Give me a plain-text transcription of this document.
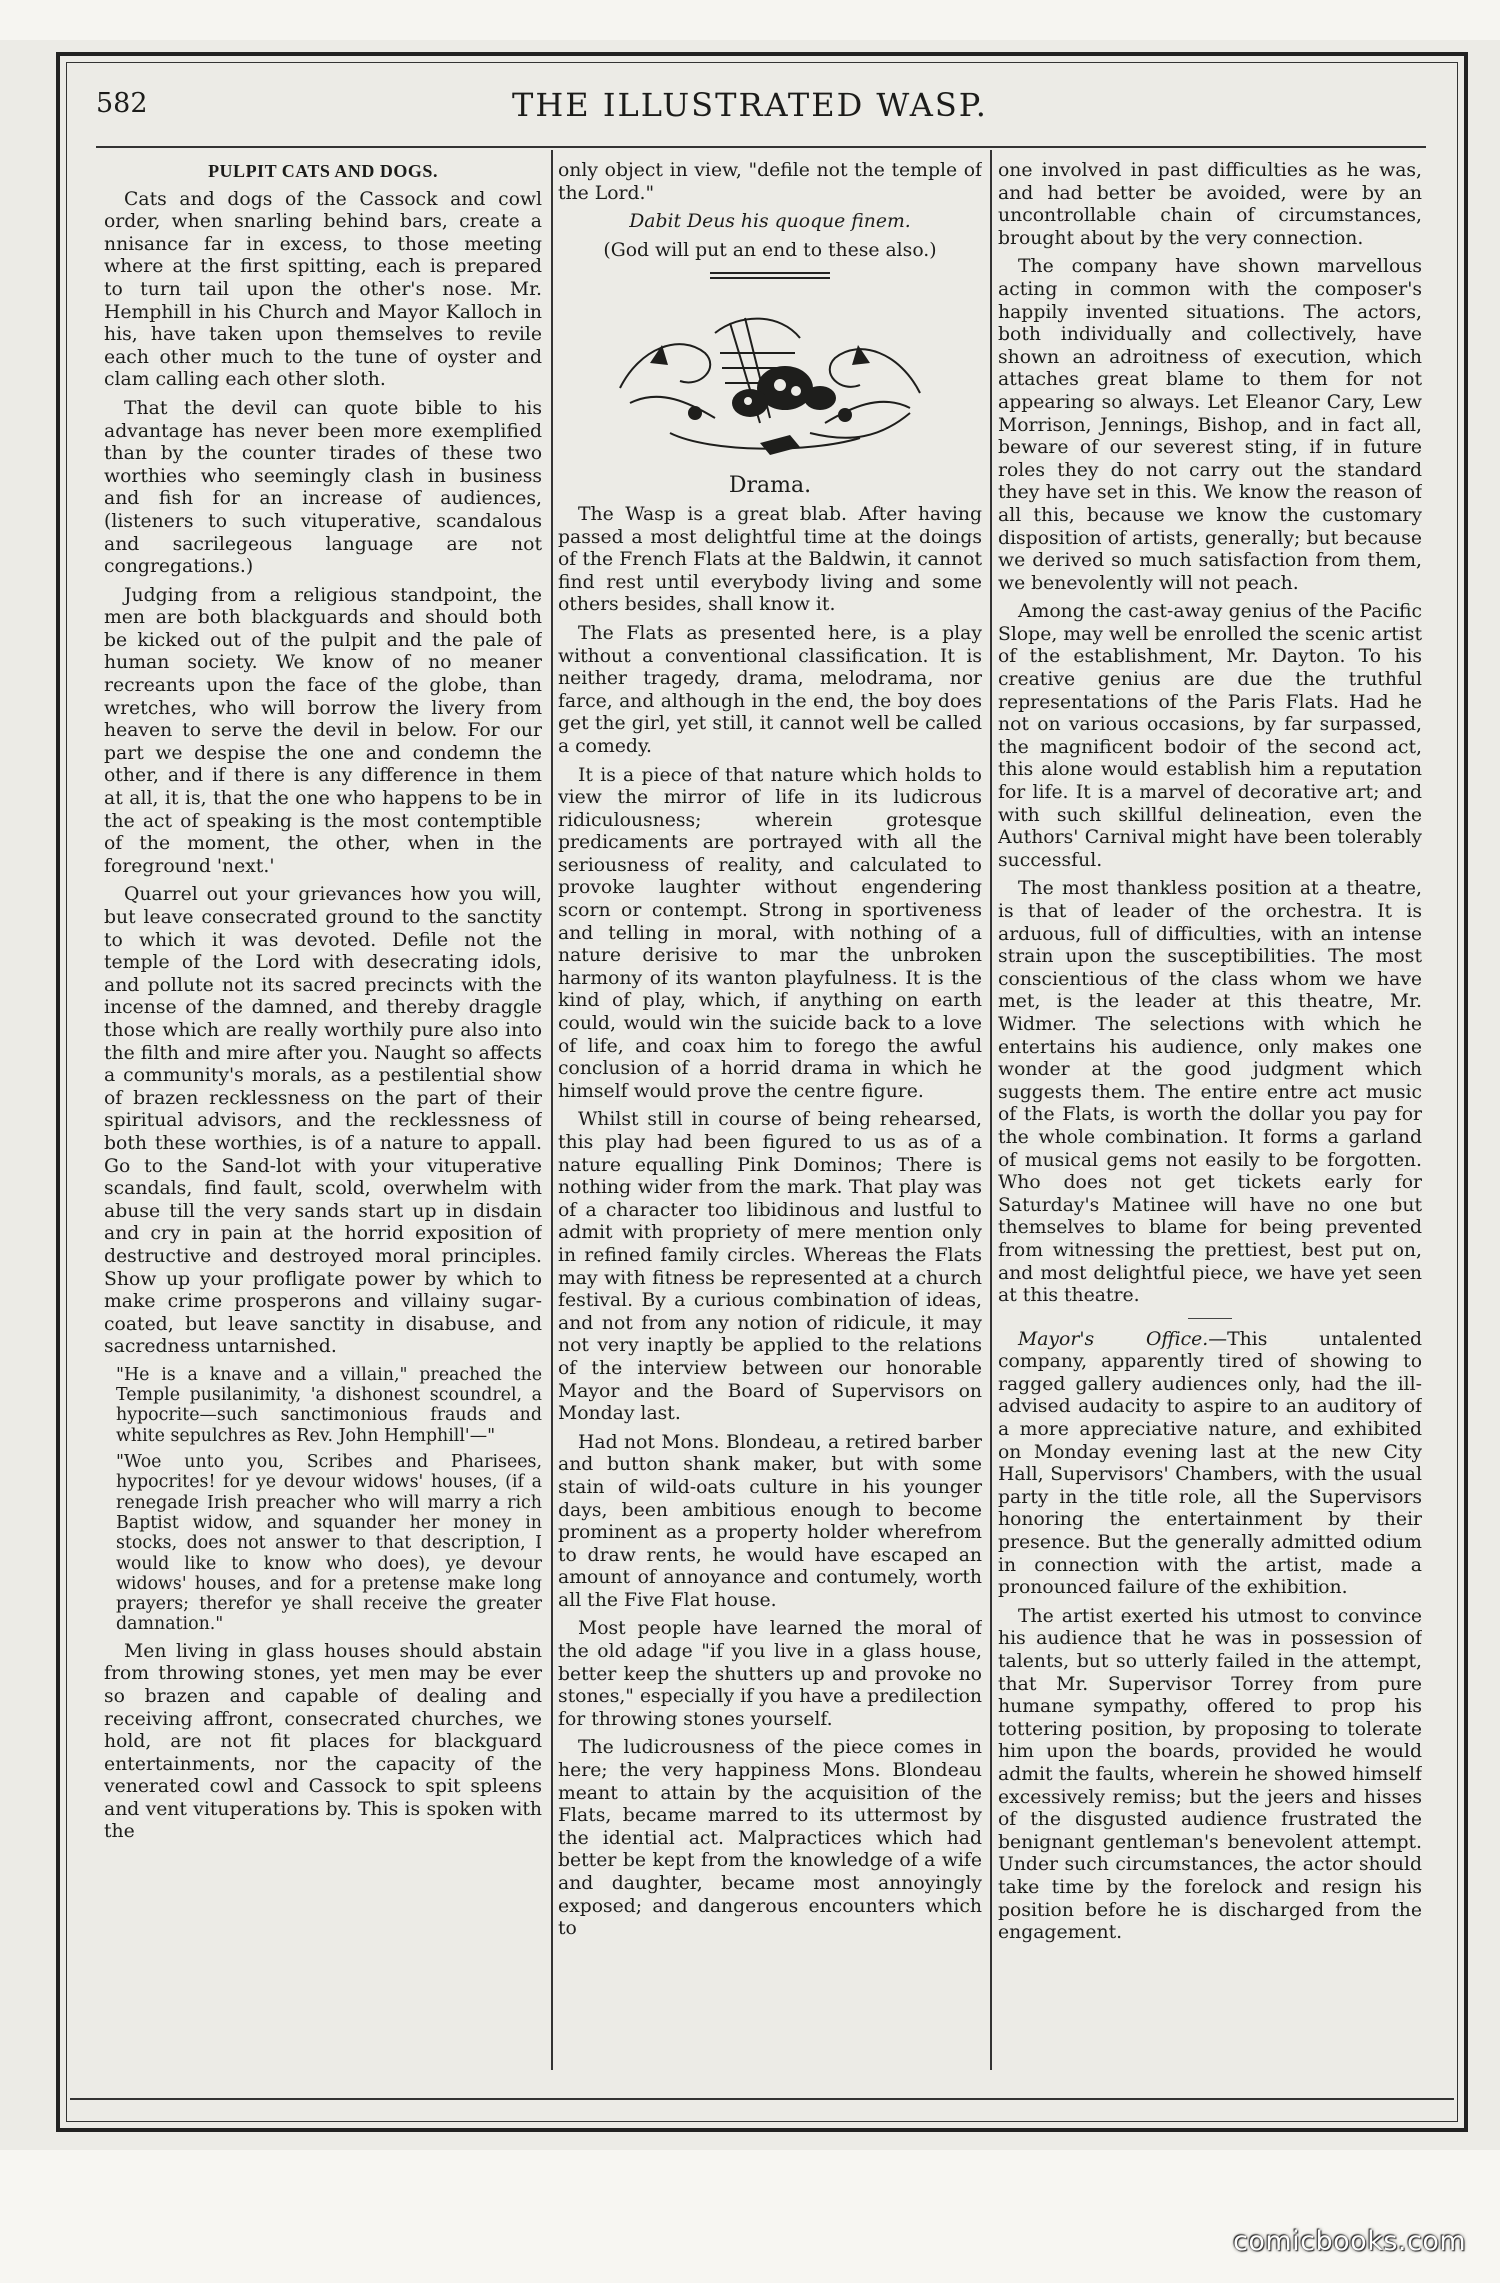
582	THE ILLUSTRATED WASP.

PULPIT CATS AND DOGS.

Cats and dogs of the Cassock and cowl order, when snarling behind bars, create a nnisance far in excess, to those meeting where at the first spitting, each is prepared to turn tail upon the other's nose. Mr. Hemphill in his Church and Mayor Kalloch in his, have taken upon themselves to revile each other much to the tune of oyster and clam calling each other sloth.

That the devil can quote bible to his advantage has never been more exemplified than by the counter tirades of these two worthies who seemingly clash in business and fish for an increase of audiences, (listeners to such vituperative, scandalous and sacrilegeous language are not congregations.)

Judging from a religious standpoint, the men are both blackguards and should both be kicked out of the pulpit and the pale of human society. We know of no meaner recreants upon the face of the globe, than wretches, who will borrow the livery from heaven to serve the devil in below. For our part we despise the one and condemn the other, and if there is any difference in them at all, it is, that the one who happens to be in the act of speaking is the most contemptible of the moment, the other, when in the foreground 'next.'

Quarrel out your grievances how you will, but leave consecrated ground to the sanctity to which it was devoted. Defile not the temple of the Lord with desecrating idols, and pollute not its sacred precincts with the incense of the damned, and thereby draggle those which are really worthily pure also into the filth and mire after you. Naught so affects a community's morals, as a pestilential show of brazen recklessness on the part of their spiritual advisors, and the recklessness of both these worthies, is of a nature to appall. Go to the Sand-lot with your vituperative scandals, find fault, scold, overwhelm with abuse till the very sands start up in disdain and cry in pain at the horrid exposition of destructive and destroyed moral principles. Show up your profligate power by which to make crime prosperons and villainy sugar-coated, but leave sanctity in disabuse, and sacredness untarnished.

"He is a knave and a villain," preached the Temple pusilanimity, 'a dishonest scoundrel, a hypocrite—such sanctimonious frauds and white sepulchres as Rev. John Hemphill'—"

"Woe unto you, Scribes and Pharisees, hypocrites! for ye devour widows' houses, (if a renegade Irish preacher who will marry a rich Baptist widow, and squander her money in stocks, does not answer to that description, I would like to know who does), ye devour widows' houses, and for a pretense make long prayers; therefor ye shall receive the greater damnation."

Men living in glass houses should abstain from throwing stones, yet men may be ever so brazen and capable of dealing and receiving affront, consecrated churches, we hold, are not fit places for blackguard entertainments, nor the capacity of the venerated cowl and Cassock to spit spleens and vent vituperations by. This is spoken with the

only object in view, "defile not the temple of the Lord."

Dabit Deus his quoque finem.

(God will put an end to these also.)

Drama.

The Wasp is a great blab. After having passed a most delightful time at the doings of the French Flats at the Baldwin, it cannot find rest until everybody living and some others besides, shall know it.

The Flats as presented here, is a play without a conventional classification. It is neither tragedy, drama, melodrama, nor farce, and although in the end, the boy does get the girl, yet still, it cannot well be called a comedy.

It is a piece of that nature which holds to view the mirror of life in its ludicrous ridiculousness; wherein grotesque predicaments are portrayed with all the seriousness of reality, and calculated to provoke laughter without engendering scorn or contempt. Strong in sportiveness and telling in moral, with nothing of a nature derisive to mar the unbroken harmony of its wanton playfulness. It is the kind of play, which, if anything on earth could, would win the suicide back to a love of life, and coax him to forego the awful conclusion of a horrid drama in which he himself would prove the centre figure.

Whilst still in course of being rehearsed, this play had been figured to us as of a nature equalling Pink Dominos; There is nothing wider from the mark. That play was of a character too libidinous and lustful to admit with propriety of mere mention only in refined family circles. Whereas the Flats may with fitness be represented at a church festival. By a curious combination of ideas, and not from any notion of ridicule, it may not very inaptly be applied to the relations of the interview between our honorable Mayor and the Board of Supervisors on Monday last.

Had not Mons. Blondeau, a retired barber and button shank maker, but with some stain of wild-oats culture in his younger days, been ambitious enough to become prominent as a property holder wherefrom to draw rents, he would have escaped an amount of annoyance and contumely, worth all the Five Flat house.

Most people have learned the moral of the old adage "if you live in a glass house, better keep the shutters up and provoke no stones," especially if you have a predilection for throwing stones yourself.

The ludicrousness of the piece comes in here; the very happiness Mons. Blondeau meant to attain by the acquisition of the Flats, became marred to its uttermost by the idential act. Malpractices which had better be kept from the knowledge of a wife and daughter, became most annoyingly exposed; and dangerous encounters which to

one involved in past difficulties as he was, and had better be avoided, were by an uncontrollable chain of circumstances, brought about by the very connection.

The company have shown marvellous acting in common with the composer's happily invented situations. The actors, both individually and collectively, have shown an adroitness of execution, which attaches great blame to them for not appearing so always. Let Eleanor Cary, Lew Morrison, Jennings, Bishop, and in fact all, beware of our severest sting, if in future roles they do not carry out the standard they have set in this. We know the reason of all this, because we know the customary disposition of artists, generally; but because we derived so much satisfaction from them, we benevolently will not peach.

Among the cast-away genius of the Pacific Slope, may well be enrolled the scenic artist of the establishment, Mr. Dayton. To his creative genius are due the truthful representations of the Paris Flats. Had he not on various occasions, by far surpassed, the magnificent bodoir of the second act, this alone would establish him a reputation for life. It is a marvel of decorative art; and with such skillful delineation, even the Authors' Carnival might have been tolerably successful.

The most thankless position at a theatre, is that of leader of the orchestra. It is arduous, full of difficulties, with an intense strain upon the susceptibilities. The most conscientious of the class whom we have met, is the leader at this theatre, Mr. Widmer. The selections with which he entertains his audience, only makes one wonder at the good judgment which suggests them. The entire entre act music of the Flats, is worth the dollar you pay for the whole combination. It forms a garland of musical gems not easily to be forgotten. Who does not get tickets early for Saturday's Matinee will have no one but themselves to blame for being prevented from witnessing the prettiest, best put on, and most delightful piece, we have yet seen at this theatre.

Mayor's Office.—This untalented company, apparently tired of showing to ragged gallery audiences only, had the ill-advised audacity to aspire to an auditory of a more appreciative nature, and exhibited on Monday evening last at the new City Hall, Supervisors' Chambers, with the usual party in the title role, all the Supervisors honoring the entertainment by their presence. But the generally admitted odium in connection with the artist, made a pronounced failure of the exhibition.

The artist exerted his utmost to convince his audience that he was in possession of talents, but so utterly failed in the attempt, that Mr. Supervisor Torrey from pure humane sympathy, offered to prop his tottering position, by proposing to tolerate him upon the boards, provided he would admit the faults, wherein he showed himself excessively remiss; but the jeers and hisses of the disgusted audience frustrated the benignant gentleman's benevolent attempt. Under such circumstances, the actor should take time by the forelock and resign his position before he is discharged from the engagement.

comicbooks.com
